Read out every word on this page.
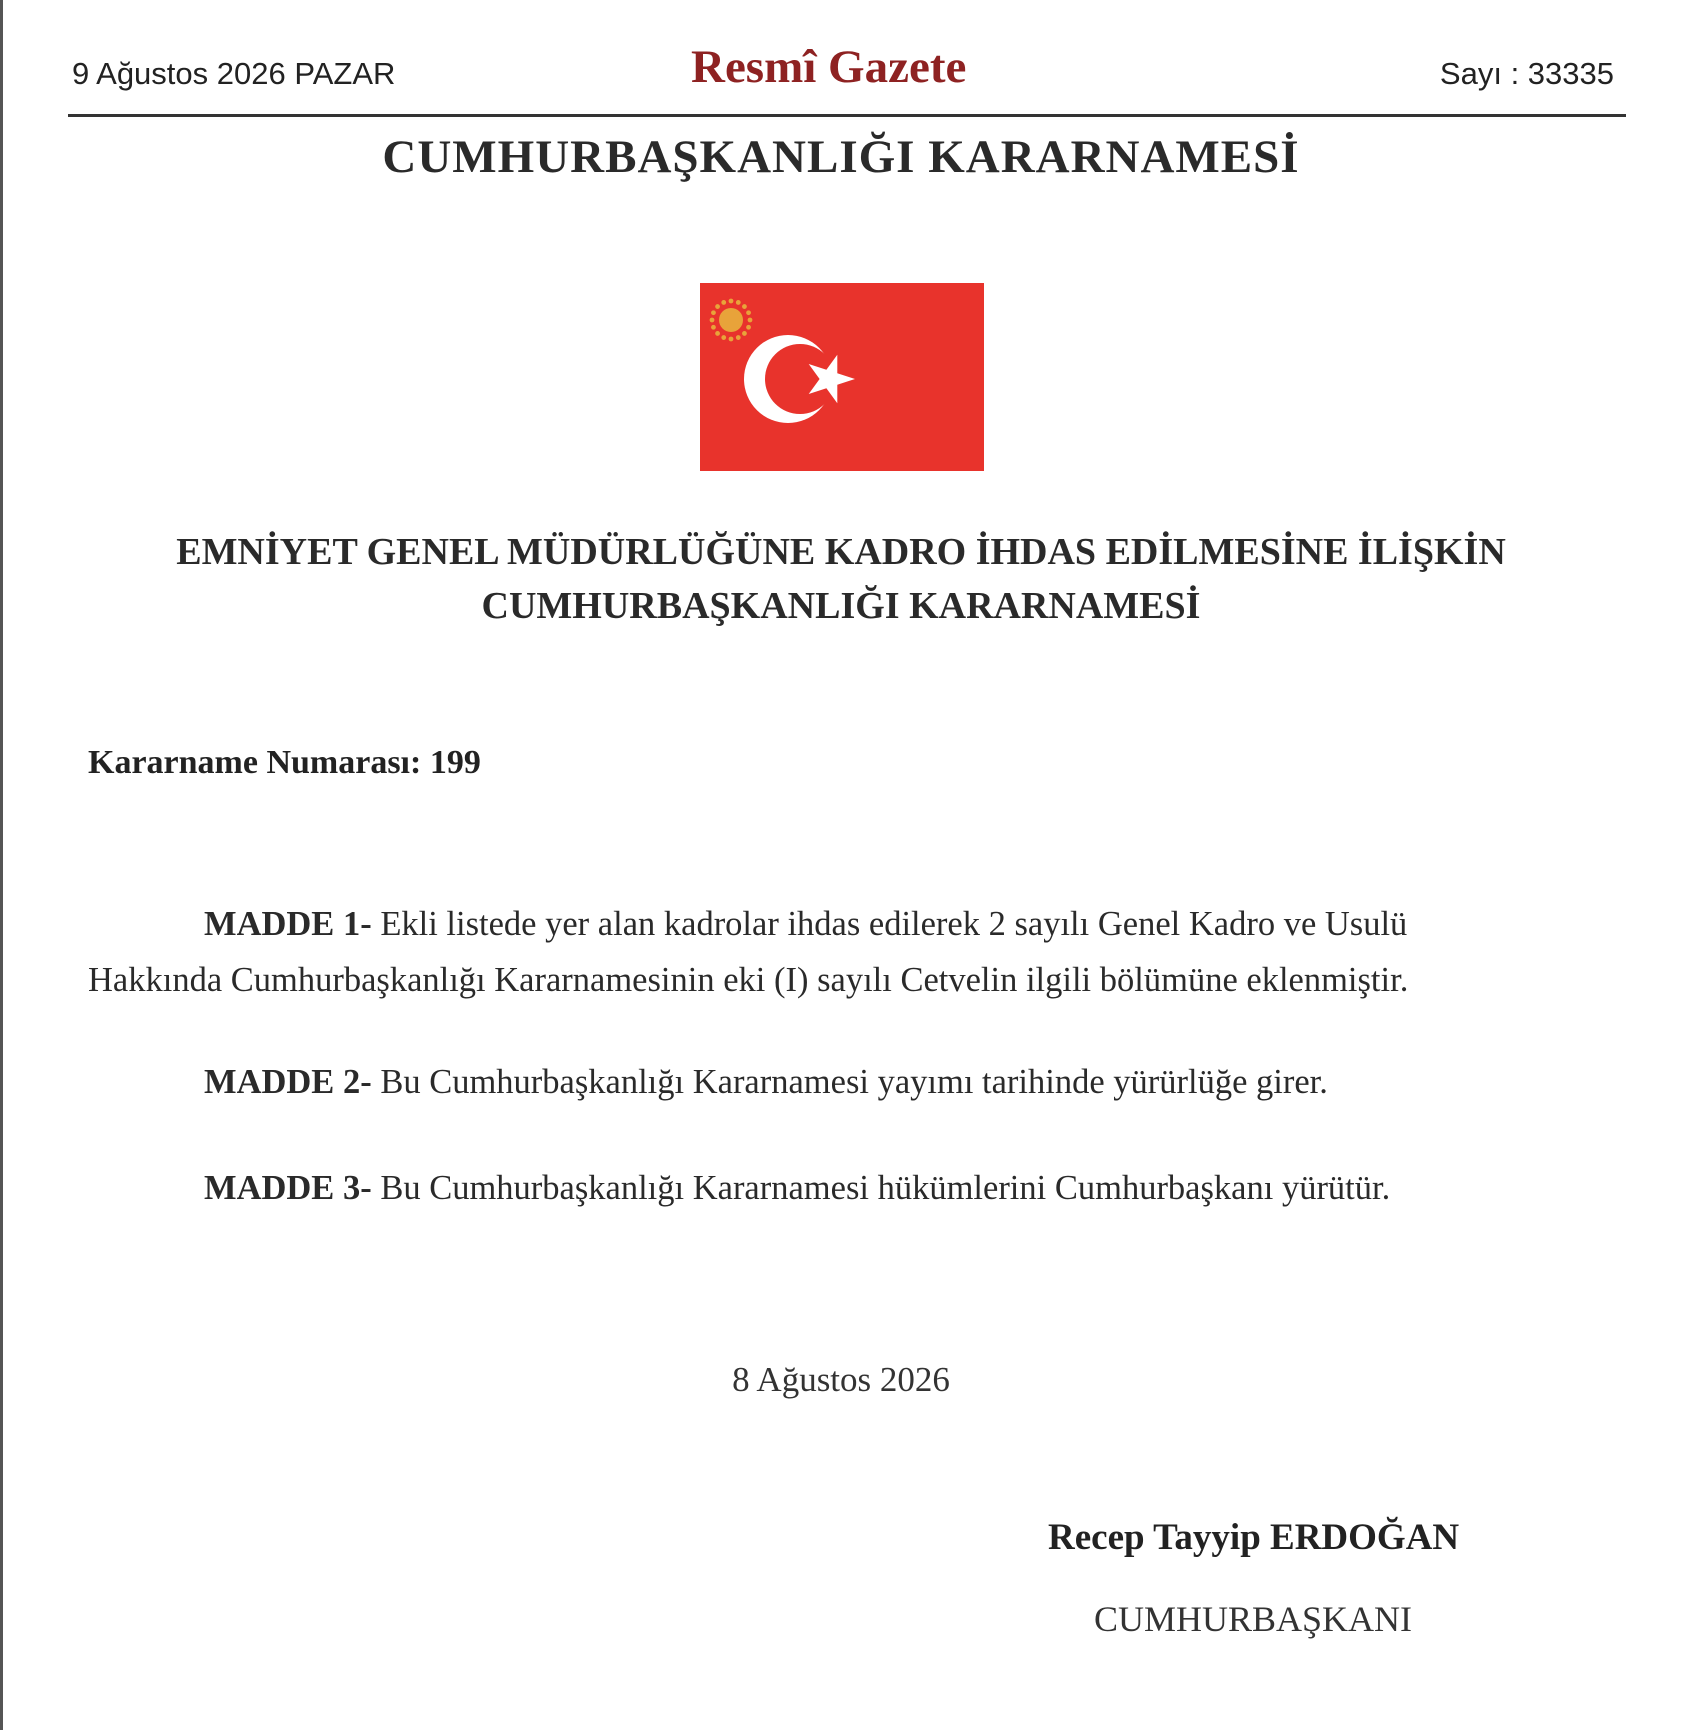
9 Ağustos 2026 PAZAR	Resmî Gazete	Sayı : 33335
CUMHURBAŞKANLIĞI KARARNAMESİ
EMNİYET GENEL MÜDÜRLÜĞÜNE KADRO İHDAS EDİLMESİNE İLİŞKİN
CUMHURBAŞKANLIĞI KARARNAMESİ
Kararname Numarası: 199
MADDE 1- Ekli listede yer alan kadrolar ihdas edilerek 2 sayılı Genel Kadro ve Usulü
Hakkında Cumhurbaşkanlığı Kararnamesinin eki (I) sayılı Cetvelin ilgili bölümüne eklenmiştir.
MADDE 2- Bu Cumhurbaşkanlığı Kararnamesi yayımı tarihinde yürürlüğe girer.
MADDE 3- Bu Cumhurbaşkanlığı Kararnamesi hükümlerini Cumhurbaşkanı yürütür.
8 Ağustos 2026
Recep Tayyip ERDOĞAN
CUMHURBAŞKANI
